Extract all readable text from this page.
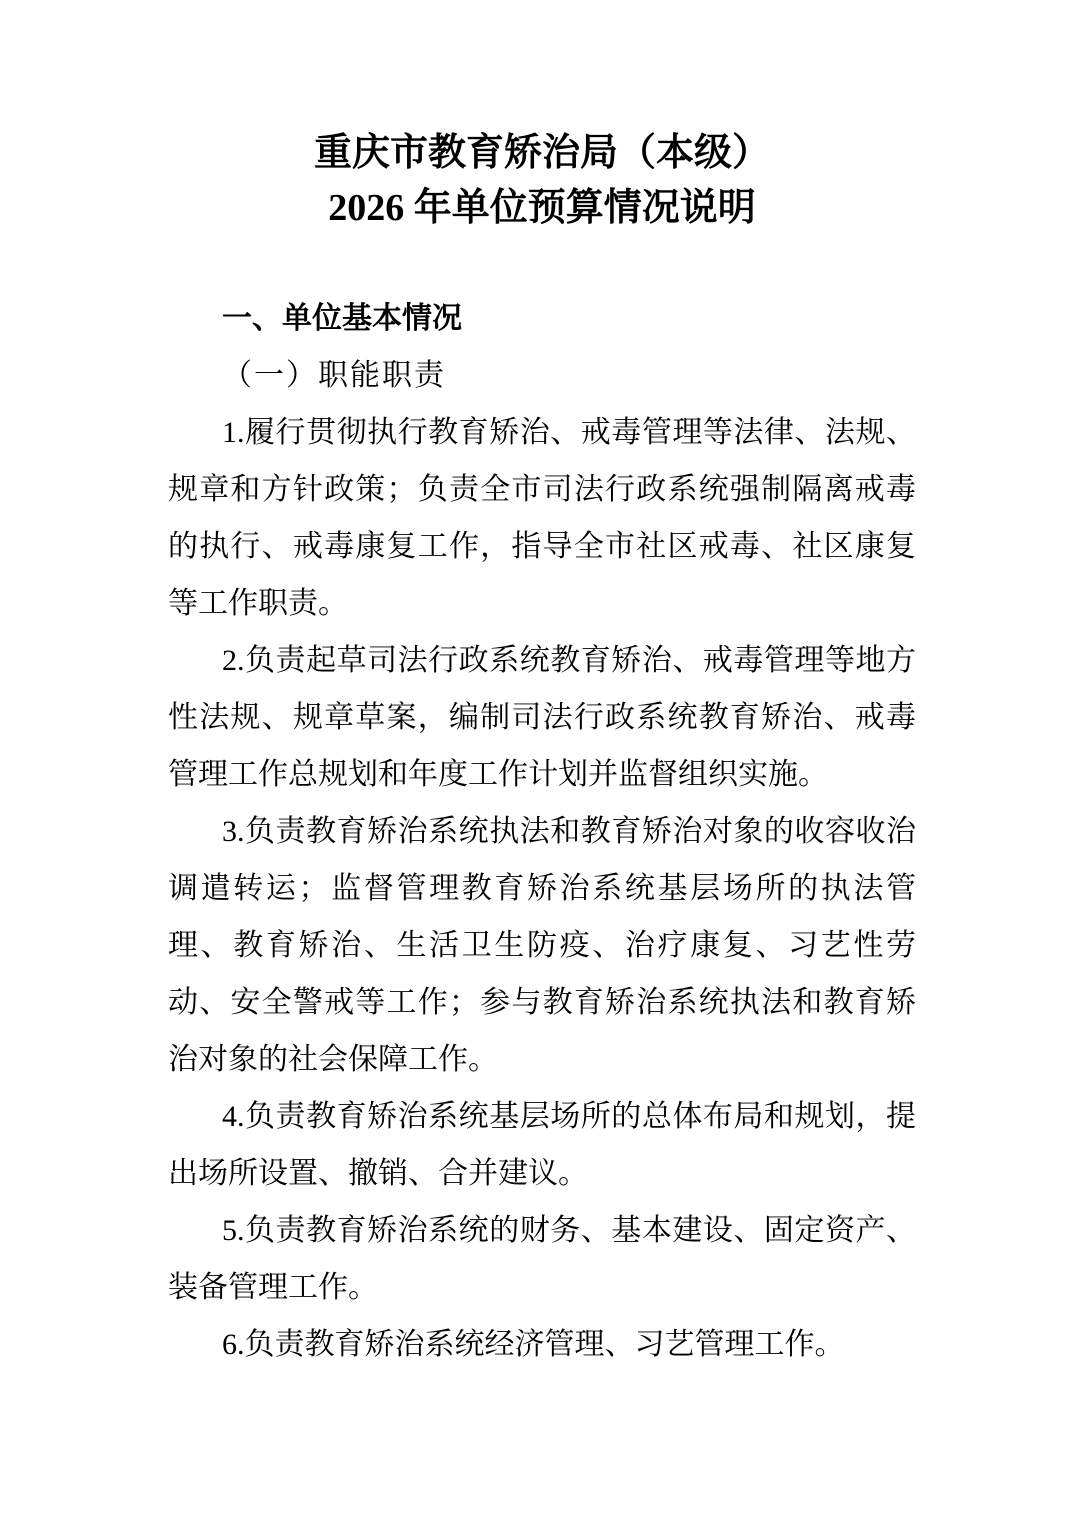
重庆市教育矫治局（本级）
2026 年单位预算情况说明
一、单位基本情况
（一）职能职责

1.履行贯彻执行教育矫治、戒毒管理等法律、法规、规章和方针政策；负责全市司法行政系统强制隔离戒毒的执行、戒毒康复工作，指导全市社区戒毒、社区康复等工作职责。

2.负责起草司法行政系统教育矫治、戒毒管理等地方性法规、规章草案，编制司法行政系统教育矫治、戒毒管理工作总规划和年度工作计划并监督组织实施。

3.负责教育矫治系统执法和教育矫治对象的收容收治调遣转运；监督管理教育矫治系统基层场所的执法管理、教育矫治、生活卫生防疫、治疗康复、习艺性劳动、安全警戒等工作；参与教育矫治系统执法和教育矫治对象的社会保障工作。

4.负责教育矫治系统基层场所的总体布局和规划，提出场所设置、撤销、合并建议。

5.负责教育矫治系统的财务、基本建设、固定资产、装备管理工作。

6.负责教育矫治系统经济管理、习艺管理工作。
